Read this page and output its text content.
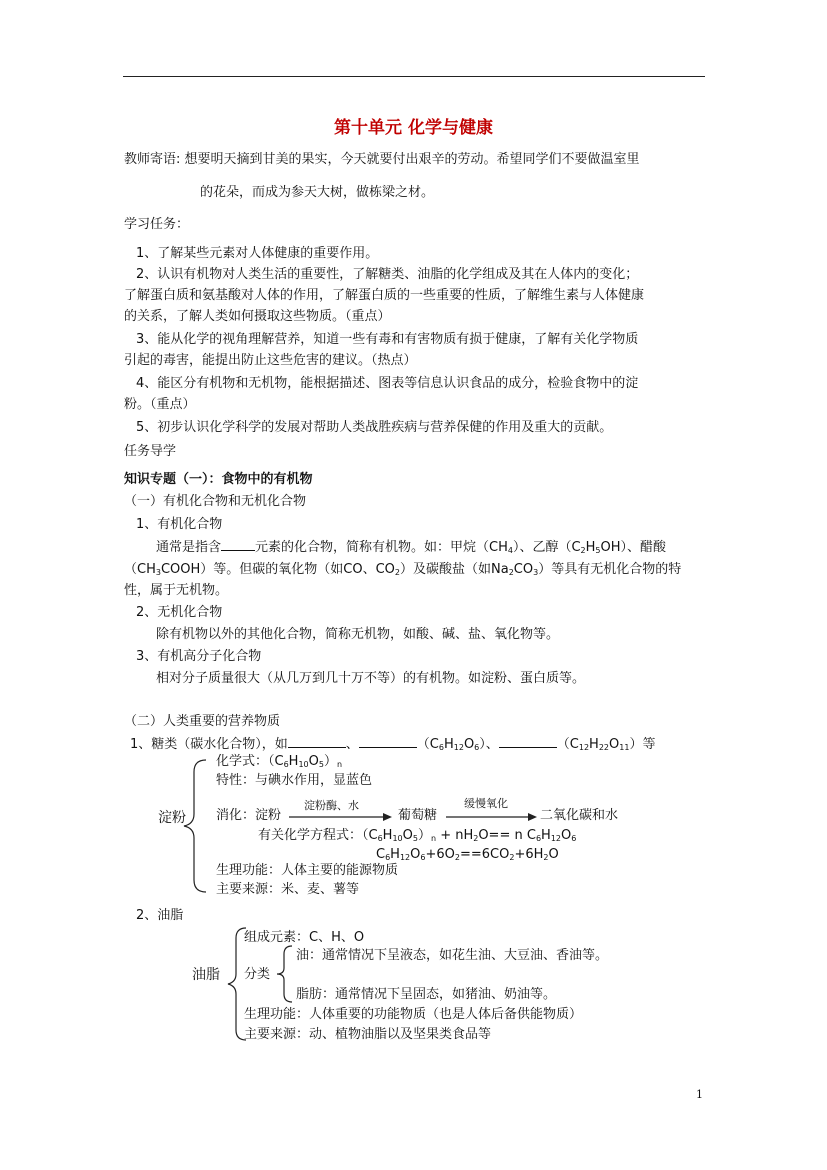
第十单元 化学与健康
教师寄语: 想要明天摘到甘美的果实，今天就要付出艰辛的劳动。希望同学们不要做温室里
的花朵，而成为参天大树，做栋梁之材。
学习任务：
1、了解某些元素对人体健康的重要作用。
2、认识有机物对人类生活的重要性，了解糖类、油脂的化学组成及其在人体内的变化；
了解蛋白质和氨基酸对人体的作用，了解蛋白质的一些重要的性质，了解维生素与人体健康
的关系，了解人类如何摄取这些物质。（重点）
3、能从化学的视角理解营养，知道一些有毒和有害物质有损于健康，了解有关化学物质
引起的毒害，能提出防止这些危害的建议。（热点）
4、能区分有机物和无机物，能根据描述、图表等信息认识食品的成分，检验食物中的淀
粉。（重点）
5、初步认识化学科学的发展对帮助人类战胜疾病与营养保健的作用及重大的贡献。
任务导学
知识专题（一）：食物中的有机物
（一）有机化合物和无机化合物
1、有机化合物
通常是指含	元素的化合物，简称有机物。如：甲烷$(CH_4)$、乙醇$(C_2H_5OH)$、醋酸
$(CH_3COOH)$等。但碳的氧化物（如CO、$CO_2$）及碳酸盐（如$Na_2CO_3$）等具有无机化合物的特
性，属于无机物。
2、无机化合物
除有机物以外的其他化合物，简称无机物，如酸、碱、盐、氧化物等。
3、有机高分子化合物
相对分子质量很大（从几万到几十万不等）的有机物。如淀粉、蛋白质等。
（二）人类重要的营养物质
1、糖类（碳水化合物），如	、	$(C_6H_{12}O_6)$、	$(C_{12}H_{22}O_{11})$等
淀粉
化学式：$(C_6H_{10}O_5)_n$
特性：与碘水作用，显蓝色
消化：淀粉
淀粉酶、水
葡萄糖
缓慢氧化
二氧化碳和水
有关化学方程式：$(C_6H_{10}O_5)_n + nH_2O== n$ $C_6H_{12}O_6$
$C_6H_{12}O_6+6O_2==6CO_2+6H_2O$
生理功能：人体主要的能源物质
主要来源：米、麦、薯等
2、油脂
油脂
组成元素：C、H、O
分类
油：通常情况下呈液态，如花生油、大豆油、香油等。
脂肪：通常情况下呈固态，如猪油、奶油等。
生理功能：人体重要的功能物质（也是人体后备供能物质）
主要来源：动、植物油脂以及坚果类食品等
1
